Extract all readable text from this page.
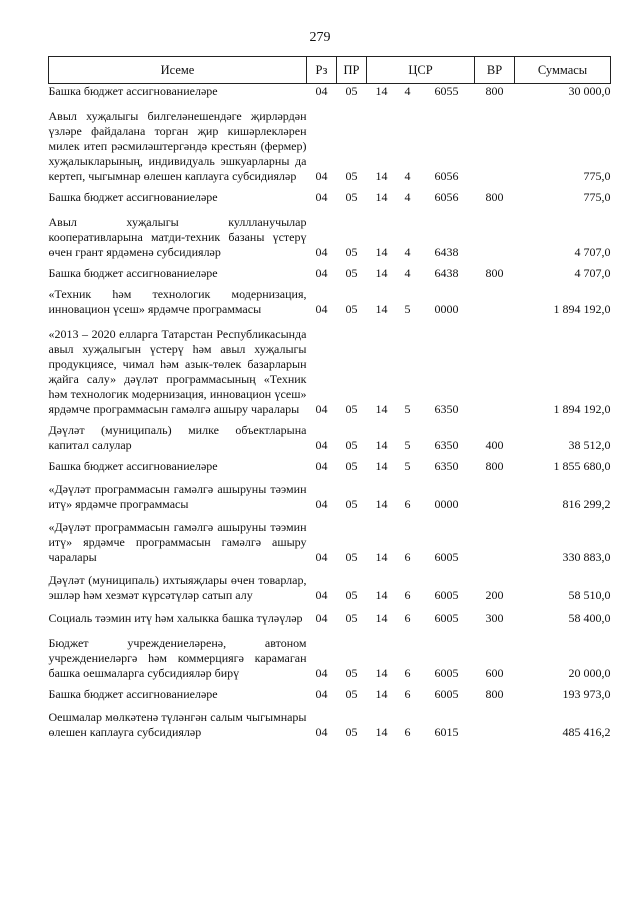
279
Исеме	Рз	ПР	ЦСР			ВР	Суммасы
Башка бюджет ассигнованиеләре	04	05	14	4	6055	800	30 000,0

Авыл хуҗалыгы билгеләнешендәге җирләрдән үзләре файдалана торган җир кишәрлекләрен милек итеп рәсмиләштергәндә крестьян (фермер) хуҗалыкларының, индивидуаль эшкуарларны да кертеп, чыгымнар өлешен каплауга субсидияләр	04	05	14	4	6056		775,0

Башка бюджет ассигнованиеләре	04	05	14	4	6056	800	775,0

Авыл хуҗалыгы куллланучылар кооперативларына матди-техник базаны үстерү өчен грант ярдәменә субсидияләр	04	05	14	4	6438		4 707,0

Башка бюджет ассигнованиеләре	04	05	14	4	6438	800	4 707,0

«Техник һәм технологик модернизация, инновацион үсеш» ярдәмче программасы	04	05	14	5	0000		1 894 192,0

«2013 – 2020 елларга Татарстан Республикасында авыл хуҗалыгын үстерү һәм авыл хуҗалыгы продукциясе, чимал һәм азык-төлек базарларын җайга салу» дәүләт программасының «Техник һәм технологик модернизация, инновацион үсеш» ярдәмче программасын гамәлгә ашыру чаралары	04	05	14	5	6350		1 894 192,0

Дәүләт (муниципаль) милке объектларына капитал салулар	04	05	14	5	6350	400	38 512,0

Башка бюджет ассигнованиеләре	04	05	14	5	6350	800	1 855 680,0

«Дәүләт программасын гамәлгә ашыруны тәэмин итү» ярдәмче программасы	04	05	14	6	0000		816 299,2

«Дәүләт программасын гамәлгә ашыруны тәэмин итү» ярдәмче программасын гамәлгә ашыру чаралары	04	05	14	6	6005		330 883,0

Дәүләт (муниципаль) ихтыяҗлары өчен товарлар, эшләр һәм хезмәт күрсәтүләр сатып алу	04	05	14	6	6005	200	58 510,0

Социаль тәэмин итү һәм халыкка башка түләүләр	04	05	14	6	6005	300	58 400,0

Бюджет учреждениеләренә, автоном учреждениеләргә һәм коммерциягә карамаган башка оешмаларга субсидияләр бирү	04	05	14	6	6005	600	20 000,0

Башка бюджет ассигнованиеләре	04	05	14	6	6005	800	193 973,0

Оешмалар мөлкәтенә түләнгән салым чыгымнары өлешен каплауга субсидияләр	04	05	14	6	6015		485 416,2
